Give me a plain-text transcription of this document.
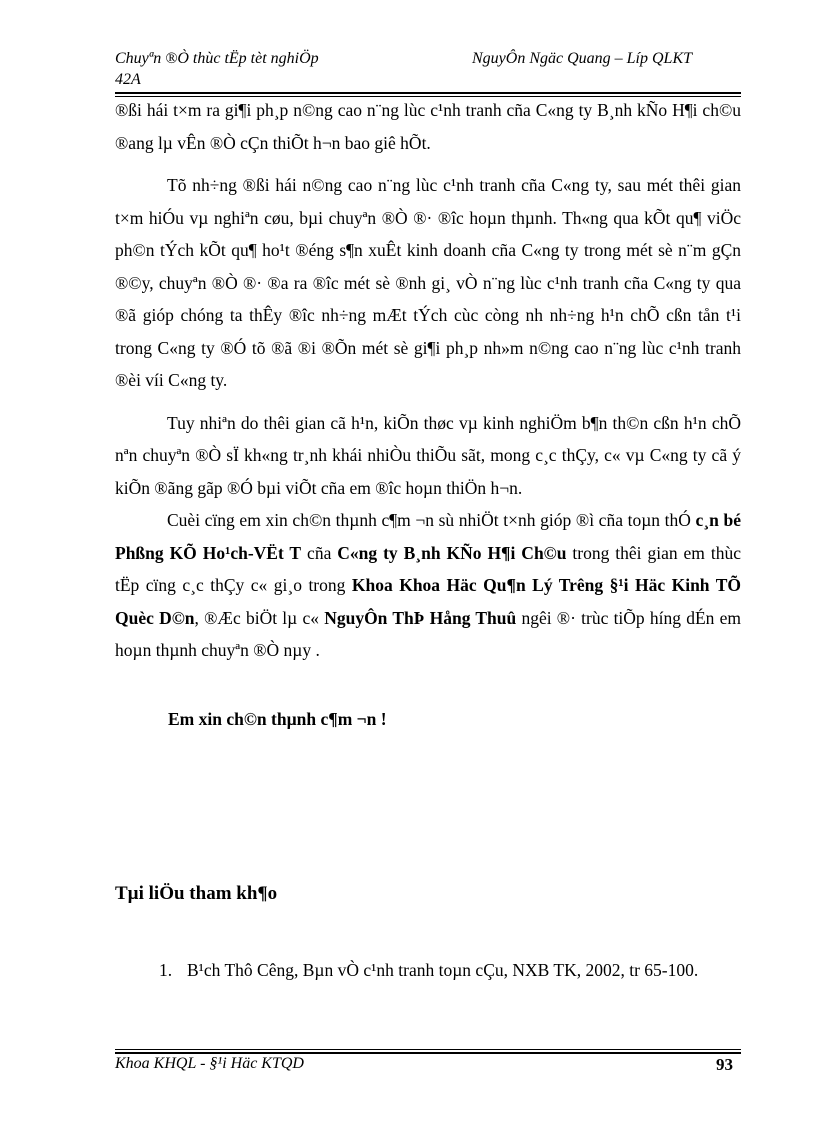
Chuyªn ®Ò thùc tËp tèt nghiÖp	NguyÔn Ngäc Quang – Líp QLKT
42A

®ßi hái t×m ra gi¶i ph¸p n©ng cao n¨ng lùc c¹nh tranh cña C«ng ty B¸nh kÑo H¶i ch©u ®ang lµ vÊn ®Ò cÇn thiÕt h¬n bao giê hÕt.

Tõ nh÷ng ®ßi hái n©ng cao n¨ng lùc c¹nh tranh cña C«ng ty, sau mét thêi gian t×m hiÓu vµ nghiªn cøu, bµi chuyªn ®Ò ®· ®îc hoµn thµnh. Th«ng qua kÕt qu¶ viÖc ph©n tÝch kÕt qu¶ ho¹t ®éng s¶n xuÊt kinh doanh cña C«ng ty trong mét sè n¨m gÇn ®©y, chuyªn ®Ò ®· ®a ra ®îc mét sè ®nh gi¸ vÒ n¨ng lùc c¹nh tranh cña C«ng ty qua ®ã gióp chóng ta thÊy ®îc nh÷ng mÆt tÝch cùc còng nh nh÷ng h¹n chÕ cßn tån t¹i trong C«ng ty ®Ó tõ ®ã ®i ®Õn mét sè gi¶i ph¸p nh»m n©ng cao n¨ng lùc c¹nh tranh ®èi víi C«ng ty.

Tuy nhiªn do thêi gian cã h¹n, kiÕn thøc vµ kinh nghiÖm b¶n th©n cßn h¹n chÕ nªn chuyªn ®Ò sÏ kh«ng tr¸nh khái nhiÒu thiÕu sãt, mong c¸c thÇy, c« vµ C«ng ty cã ý kiÕn ®ãng gãp ®Ó bµi viÕt cña em ®îc hoµn thiÖn h¬n.

Cuèi cïng em xin ch©n thµnh c¶m ¬n sù nhiÖt t×nh gióp ®ì cña toµn thÓ c¸n bé Phßng KÕ Ho¹ch-VËt T cña C«ng ty B¸nh KÑo H¶i Ch©u trong thêi gian em thùc tËp cïng c¸c thÇy c« gi¸o trong Khoa Khoa Häc Qu¶n Lý Trêng §¹i Häc Kinh TÕ Quèc D©n, ®Æc biÖt lµ c« NguyÔn ThÞ Hång Thuû ngêi ®· trùc tiÕp híng dÉn em hoµn thµnh chuyªn ®Ò nµy .

Em xin ch©n thµnh c¶m ¬n !

Tµi liÖu tham kh¶o
1. B¹ch Thô Cêng, Bµn vÒ c¹nh tranh toµn cÇu, NXB TK, 2002, tr 65-100.
Khoa KHQL - §¹i Häc KTQD	93
